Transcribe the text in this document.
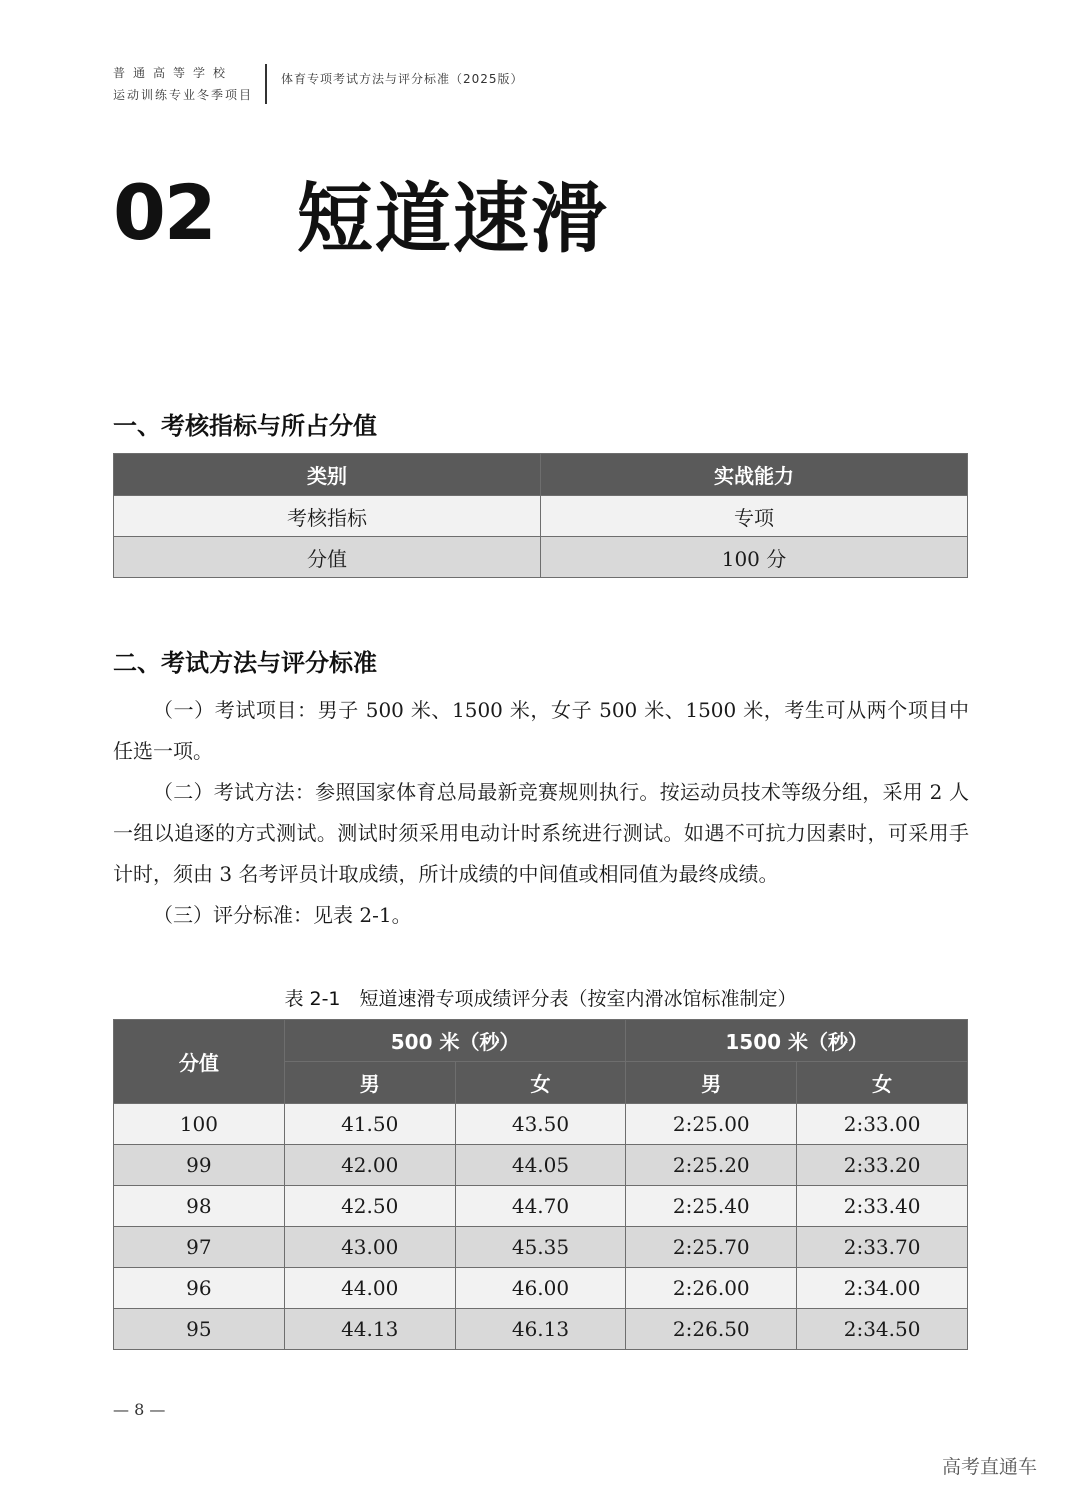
普通高等学校
运动训练专业冬季项目
体育专项考试方法与评分标准（2025版）
02 短道速滑
一、考核指标与所占分值
类别	实战能力
考核指标	专项
分值	100 分
二、考试方法与评分标准

（一）考试项目：男子 500 米、1500 米，女子 500 米、1500 米，考生可从两个项目中任选一项。

（二）考试方法：参照国家体育总局最新竞赛规则执行。按运动员技术等级分组，采用 2 人一组以追逐的方式测试。测试时须采用电动计时系统进行测试。如遇不可抗力因素时，可采用手计时，须由 3 名考评员计取成绩，所计成绩的中间值或相同值为最终成绩。

（三）评分标准：见表 2-1。

表 2-1　短道速滑专项成绩评分表（按室内滑冰馆标准制定）
分值	500 米（秒）		1500 米（秒）	
	男	女	男	女
100	41.50	43.50	2:25.00	2:33.00
99	42.00	44.05	2:25.20	2:33.20
98	42.50	44.70	2:25.40	2:33.40
97	43.00	45.35	2:25.70	2:33.70
96	44.00	46.00	2:26.00	2:34.00
95	44.13	46.13	2:26.50	2:34.50
— 8 —
高考直通车
